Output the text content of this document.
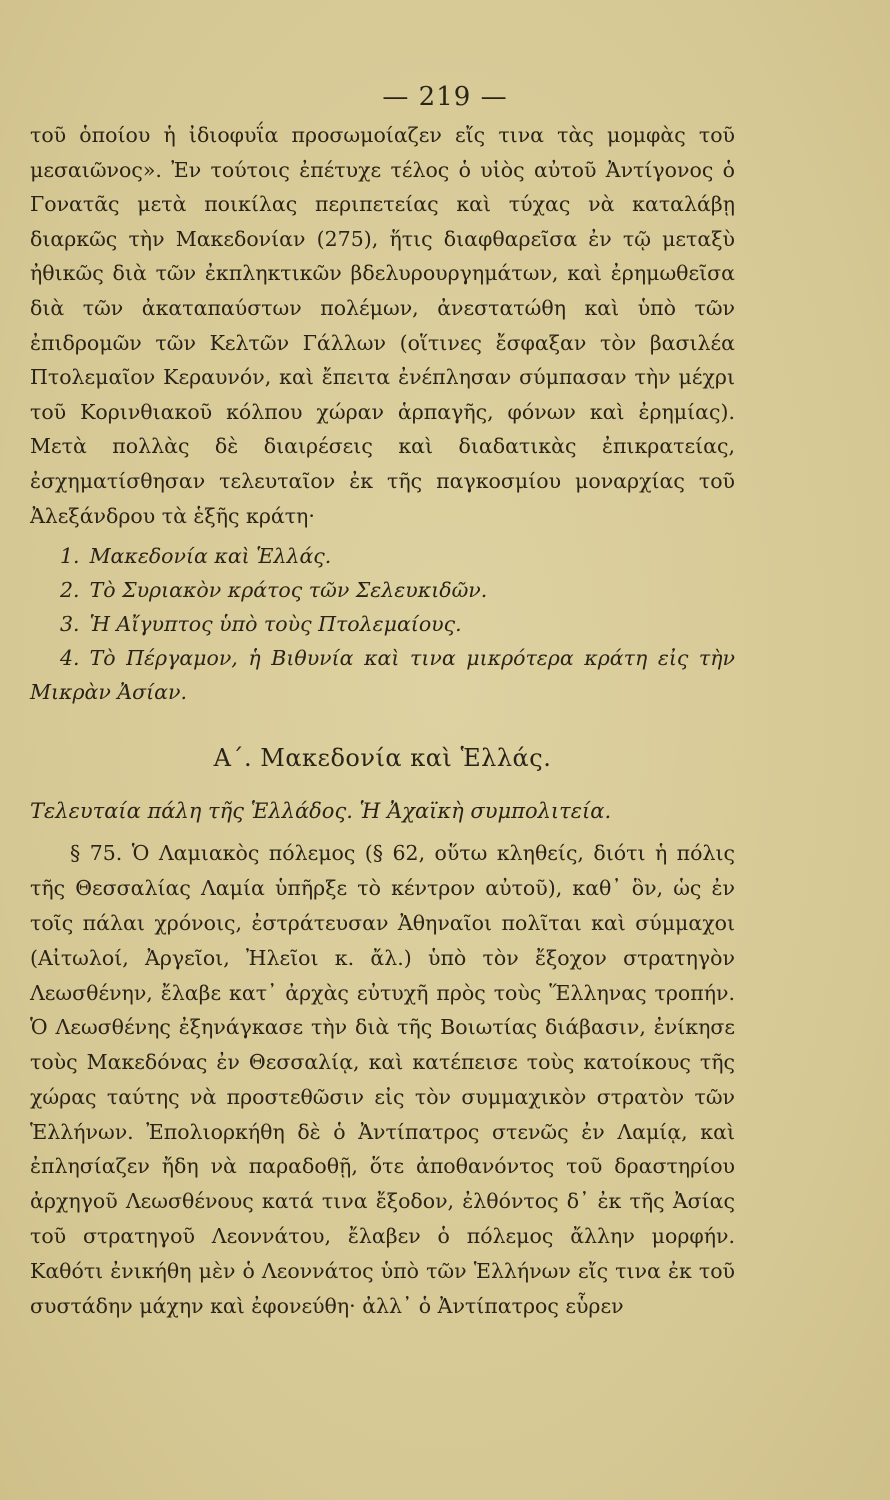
— 219 —

τοῦ ὁποίου ἡ ἰδιοφυΐα προσωμοίαζεν εἴς τινα τὰς μομφὰς τοῦ μεσαιῶνος». Ἐν τούτοις ἐπέτυχε τέλος ὁ υἱὸς αὐτοῦ Ἀντίγονος ὁ Γονατᾶς μετὰ ποικίλας περιπετείας καὶ τύχας νὰ καταλάβῃ διαρκῶς τὴν Μακεδονίαν (275), ἥτις διαφθαρεῖσα ἐν τῷ μεταξὺ ἠθικῶς διὰ τῶν ἐκπληκτικῶν βδελυρουργημάτων, καὶ ἐρημωθεῖσα διὰ τῶν ἀκαταπαύστων πολέμων, ἀνεστατώθη καὶ ὑπὸ τῶν ἐπιδρομῶν τῶν Κελτῶν Γάλλων (οἵτινες ἔσφαξαν τὸν βασιλέα Πτολεμαῖον Κεραυνόν, καὶ ἔπειτα ἐνέπλησαν σύμπασαν τὴν μέχρι τοῦ Κορινθιακοῦ κόλπου χώραν ἁρπαγῆς, φόνων καὶ ἐρημίας). Μετὰ πολλὰς δὲ διαιρέσεις καὶ διαδατικὰς ἐπικρατείας, ἐσχηματίσθησαν τελευταῖον ἐκ τῆς παγκοσμίου μοναρχίας τοῦ Ἀλεξάνδρου τὰ ἑξῆς κράτη·

1. Μακεδονία καὶ Ἑλλάς.

2. Τὸ Συριακὸν κράτος τῶν Σελευκιδῶν.

3. Ἡ Αἴγυπτος ὑπὸ τοὺς Πτολεμαίους.

4. Τὸ Πέργαμον, ἡ Βιθυνία καὶ τινα μικρότερα κράτη εἰς τὴν Μικρὰν Ἀσίαν.

Α΄. Μακεδονία καὶ Ἑλλάς.
Τελευταία πάλη τῆς Ἑλλάδος. Ἡ Ἀχαϊκὴ συμπολιτεία.

§ 75. Ὁ Λαμιακὸς πόλεμος (§ 62, οὕτω κληθείς, διότι ἡ πόλις τῆς Θεσσαλίας Λαμία ὑπῆρξε τὸ κέντρον αὐτοῦ), καθ᾽ ὃν, ὡς ἐν τοῖς πάλαι χρόνοις, ἐστράτευσαν Ἀθηναῖοι πολῖται καὶ σύμμαχοι (Αἰτωλοί, Ἀργεῖοι, Ἠλεῖοι κ. ἄλ.) ὑπὸ τὸν ἔξοχον στρατηγὸν Λεωσθένην, ἔλαβε κατ᾽ ἀρχὰς εὐτυχῆ πρὸς τοὺς Ἕλληνας τροπήν. Ὁ Λεωσθένης ἐξηνάγκασε τὴν διὰ τῆς Βοιωτίας διάβασιν, ἐνίκησε τοὺς Μακεδόνας ἐν Θεσσαλίᾳ, καὶ κατέπεισε τοὺς κατοίκους τῆς χώρας ταύτης νὰ προστεθῶσιν εἰς τὸν συμμαχικὸν στρατὸν τῶν Ἑλλήνων. Ἐπολιορκήθη δὲ ὁ Ἀντίπατρος στενῶς ἐν Λαμίᾳ, καὶ ἐπλησίαζεν ἤδη νὰ παραδοθῇ, ὅτε ἀποθανόντος τοῦ δραστηρίου ἀρχηγοῦ Λεωσθένους κατά τινα ἔξοδον, ἐλθόντος δ᾽ ἐκ τῆς Ἀσίας τοῦ στρατηγοῦ Λεοννάτου, ἔλαβεν ὁ πόλεμος ἄλλην μορφήν. Καθότι ἐνικήθη μὲν ὁ Λεοννάτος ὑπὸ τῶν Ἑλλήνων εἴς τινα ἐκ τοῦ συστάδην μάχην καὶ ἐφονεύθη· ἀλλ᾽ ὁ Ἀντίπατρος εὗρεν
